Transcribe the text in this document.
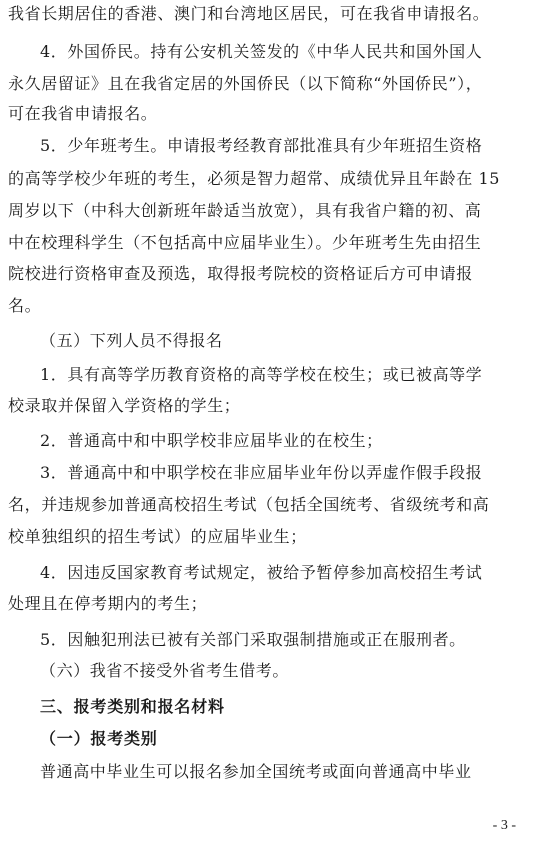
我省长期居住的香港、澳门和台湾地区居民，可在我省申请报名。
4．外国侨民。持有公安机关签发的《中华人民共和国外国人
永久居留证》且在我省定居的外国侨民（以下简称“外国侨民”），
可在我省申请报名。
5．少年班考生。申请报考经教育部批准具有少年班招生资格
的高等学校少年班的考生，必须是智力超常、成绩优异且年龄在 15
周岁以下（中科大创新班年龄适当放宽），具有我省户籍的初、高
中在校理科学生（不包括高中应届毕业生）。少年班考生先由招生
院校进行资格审查及预选，取得报考院校的资格证后方可申请报
名。
（五）下列人员不得报名
1．具有高等学历教育资格的高等学校在校生；或已被高等学
校录取并保留入学资格的学生；
2．普通高中和中职学校非应届毕业的在校生；
3．普通高中和中职学校在非应届毕业年份以弄虚作假手段报
名，并违规参加普通高校招生考试（包括全国统考、省级统考和高
校单独组织的招生考试）的应届毕业生；
4．因违反国家教育考试规定，被给予暂停参加高校招生考试
处理且在停考期内的考生；
5．因触犯刑法已被有关部门采取强制措施或正在服刑者。
（六）我省不接受外省考生借考。
三、报考类别和报名材料
（一）报考类别
普通高中毕业生可以报名参加全国统考或面向普通高中毕业
- 3 -
